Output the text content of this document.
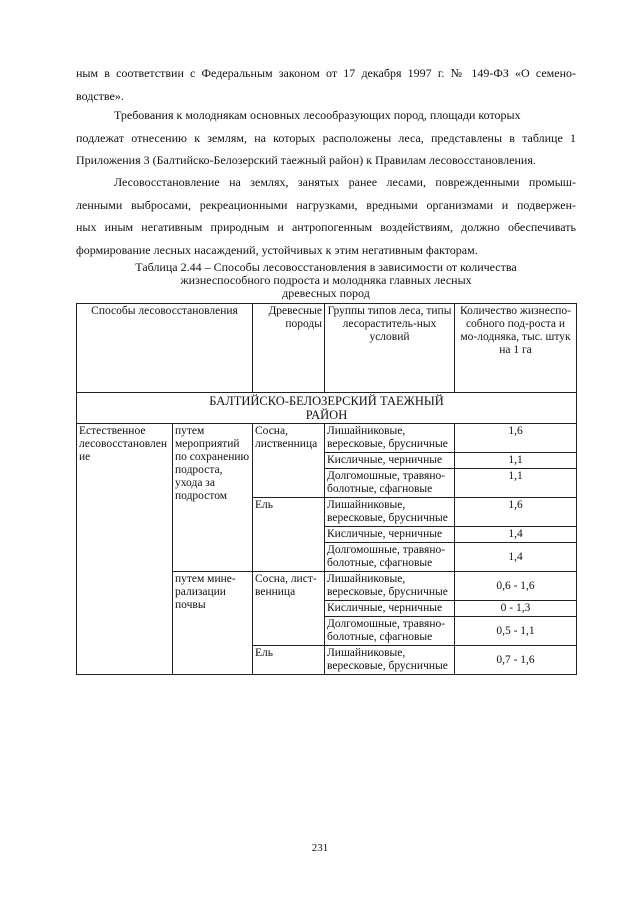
ным в соответствии с Федеральным законом от 17 декабря 1997 г. № 149-ФЗ «О семено-
водстве».

Требования к молоднякам основных лесообразующих пород, площади которых
подлежат отнесению к землям, на которых расположены леса, представлены в таблице 1
Приложения 3 (Балтийско-Белозерский таежный район) к Правилам лесовосстановления.

Лесовосстановление на землях, занятых ранее лесами, поврежденными промыш-
ленными выбросами, рекреационными нагрузками, вредными организмами и подвержен-
ных иным негативным природным и антропогенным воздействиям, должно обеспечивать
формирование лесных насаждений, устойчивых к этим негативным факторам.

Таблица 2.44 – Способы лесовосстановления в зависимости от количества
жизнеспособного подроста и молодняка главных лесных
древесных пород
Способы лесовосстановления		Древесные породы	Группы типов леса, типы лесораститель-ных условий	Количество жизнеспо-собного под-роста и мо-лодняка, тыс. штук на 1 га
БАЛТИЙСКО-БЕЛОЗЕРСКИЙ ТАЕЖНЫЙ РАЙОН				
Естественное лесовосстановление	путем мероприятий по сохранению подроста, ухода за подростом	Сосна, лиственница	Лишайниковые, вересковые, брусничные	1,6
			Кисличные, черничные	1,1
			Долгомошные, травяно-болотные, сфагновые	1,1
		Ель	Лишайниковые, вересковые, брусничные	1,6
			Кисличные, черничные	1,4
			Долгомошные, травяно-болотные, сфагновые	1,4
	путем мине-рализации почвы	Сосна, лист-венница	Лишайниковые, вересковые, брусничные	0,6 - 1,6
			Кисличные, черничные	0 - 1,3
			Долгомошные, травяно-болотные, сфагновые	0,5 - 1,1
		Ель	Лишайниковые, вересковые, брусничные	0,7 - 1,6
231
